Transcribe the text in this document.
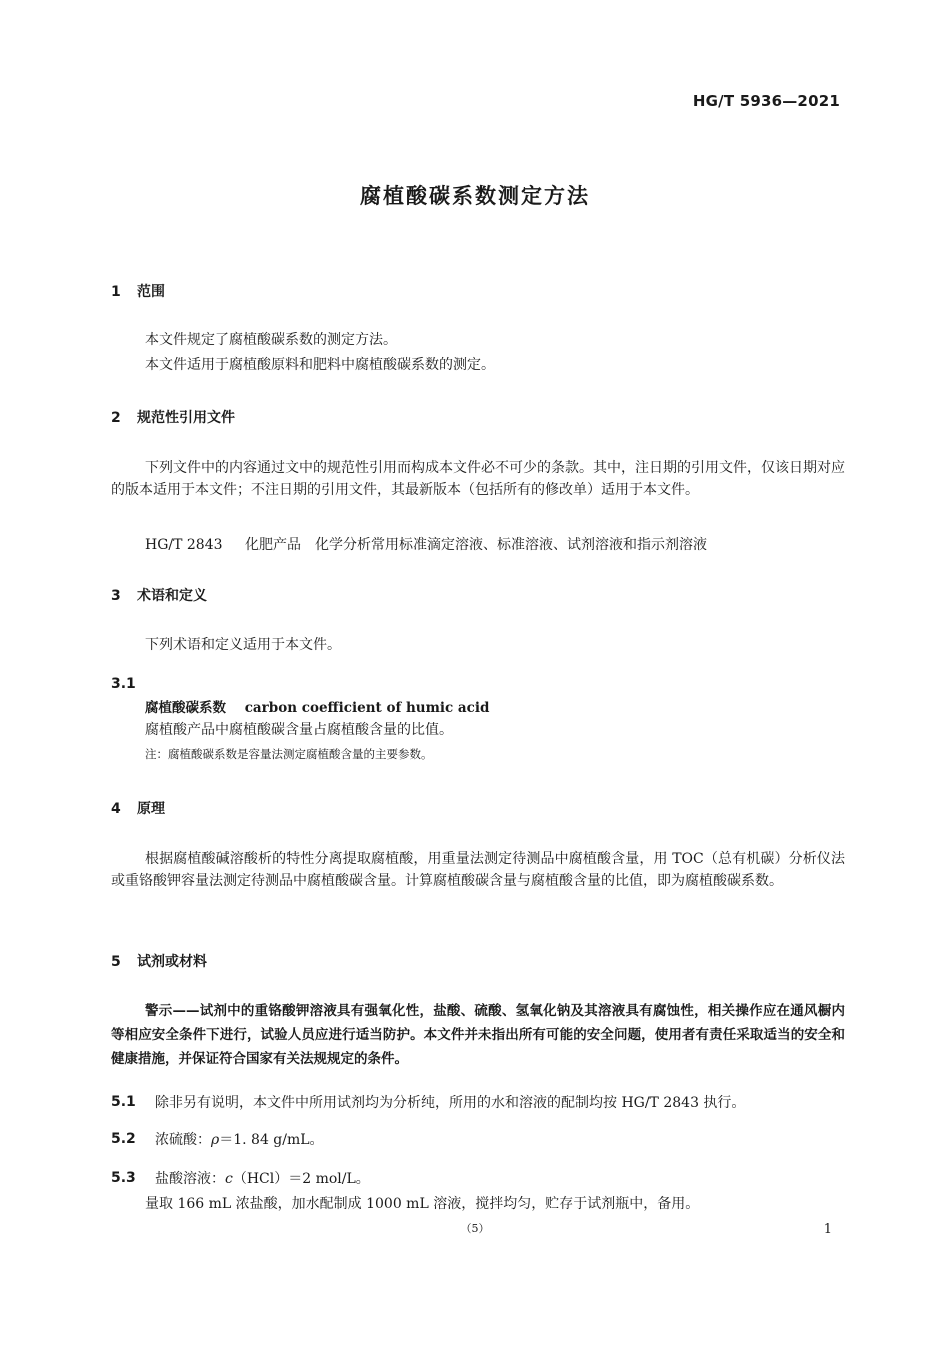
HG/T 5936—2021
腐植酸碳系数测定方法
1 范围
本文件规定了腐植酸碳系数的测定方法。
本文件适用于腐植酸原料和肥料中腐植酸碳系数的测定。
2 规范性引用文件
下列文件中的内容通过文中的规范性引用而构成本文件必不可少的条款。其中，注日期的引用文件，仅该日期对应的版本适用于本文件；不注日期的引用文件，其最新版本（包括所有的修改单）适用于本文件。
HG/T 2843 化肥产品　化学分析常用标准滴定溶液、标准溶液、试剂溶液和指示剂溶液
3 术语和定义
下列术语和定义适用于本文件。
3.1
腐植酸碳系数 carbon coefficient of humic acid
腐植酸产品中腐植酸碳含量占腐植酸含量的比值。
注：腐植酸碳系数是容量法测定腐植酸含量的主要参数。
4 原理
根据腐植酸碱溶酸析的特性分离提取腐植酸，用重量法测定待测品中腐植酸含量，用 TOC（总有机碳）分析仪法或重铬酸钾容量法测定待测品中腐植酸碳含量。计算腐植酸碳含量与腐植酸含量的比值，即为腐植酸碳系数。
5 试剂或材料
警示——试剂中的重铬酸钾溶液具有强氧化性，盐酸、硫酸、氢氧化钠及其溶液具有腐蚀性，相关操作应在通风橱内等相应安全条件下进行，试验人员应进行适当防护。本文件并未指出所有可能的安全问题，使用者有责任采取适当的安全和健康措施，并保证符合国家有关法规规定的条件。
5.1 除非另有说明，本文件中所用试剂均为分析纯，所用的水和溶液的配制均按 HG/T 2843 执行。
5.2 浓硫酸：ρ＝1. 84 g/mL。
5.3 盐酸溶液：c（HCl）＝2 mol/L。
量取 166 mL 浓盐酸，加水配制成 1000 mL 溶液，搅拌均匀，贮存于试剂瓶中，备用。
（5）	1
